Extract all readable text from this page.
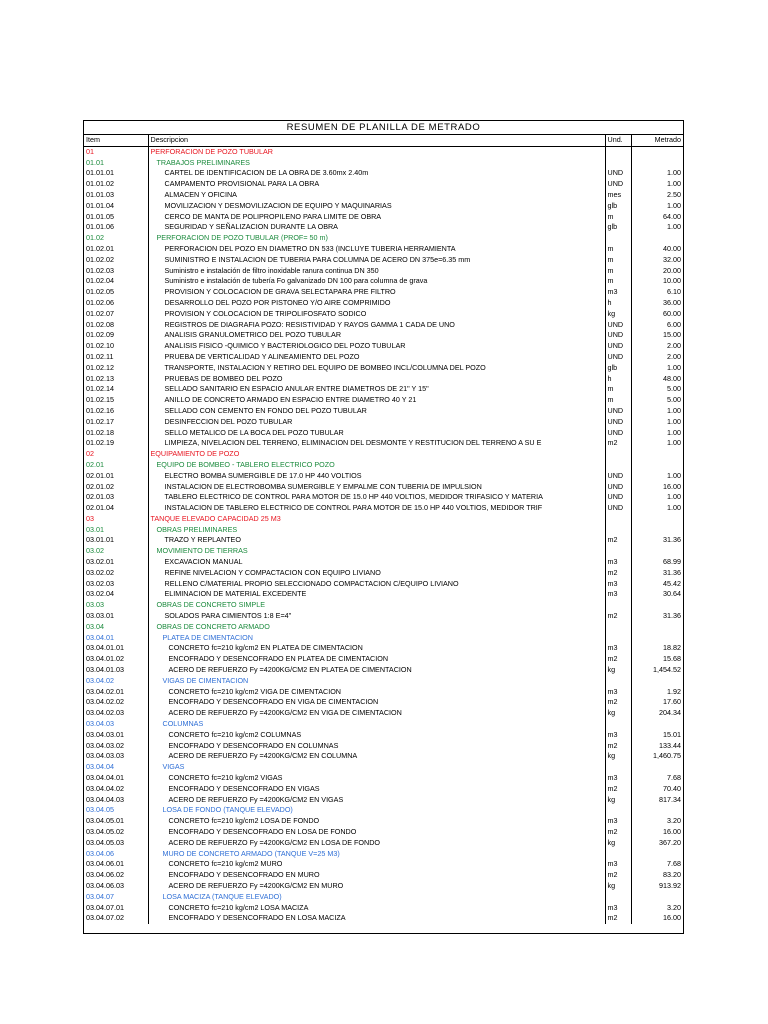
RESUMEN DE PLANILLA DE METRADO
Item	Descripcion	Und.	Metrado
01	PERFORACION DE POZO TUBULAR		
01.01	TRABAJOS PRELIMINARES		
01.01.01	CARTEL DE IDENTIFICACION DE LA OBRA DE 3.60mx 2.40m	UND	1.00
01.01.02	CAMPAMENTO PROVISIONAL PARA LA OBRA	UND	1.00
01.01.03	ALMACEN Y OFICINA	mes	2.50
01.01.04	MOVILIZACION Y DESMOVILIZACION DE EQUIPO Y MAQUINARIAS	glb	1.00
01.01.05	CERCO DE MANTA DE POLIPROPILENO PARA LIMITE DE OBRA	m	64.00
01.01.06	SEGURIDAD Y SEÑALIZACION DURANTE LA OBRA	glb	1.00
01.02	PERFORACION DE POZO TUBULAR (PROF= 50 m)		
01.02.01	PERFORACION DEL POZO EN DIAMETRO DN 533 (INCLUYE TUBERIA HERRAMIENTA	m	40.00
01.02.02	SUMINISTRO E INSTALACION DE TUBERIA PARA COLUMNA DE ACERO DN 375e=6.35 mm	m	32.00
01.02.03	Suministro e instalación de filtro inoxidable ranura continua DN 350	m	20.00
01.02.04	Suministro e instalación de tubería Fo galvanizado DN 100 para columna de grava	m	10.00
01.02.05	PROVISION Y COLOCACION DE GRAVA SELECTAPARA PRE FILTRO	m3	6.10
01.02.06	DESARROLLO DEL POZO POR PISTONEO Y/O AIRE COMPRIMIDO	h	36.00
01.02.07	PROVISION Y COLOCACION DE TRIPOLIFOSFATO SODICO	kg	60.00
01.02.08	REGISTROS DE DIAGRAFIA POZO: RESISTIVIDAD Y RAYOS GAMMA 1 CADA DE UNO	UND	6.00
01.02.09	ANALISIS GRANULOMETRICO DEL POZO TUBULAR	UND	15.00
01.02.10	ANALISIS FISICO -QUIMICO Y BACTERIOLOGICO DEL POZO TUBULAR	UND	2.00
01.02.11	PRUEBA DE VERTICALIDAD Y ALINEAMIENTO DEL POZO	UND	2.00
01.02.12	TRANSPORTE, INSTALACION Y RETIRO DEL EQUIPO DE BOMBEO INCL/COLUMNA DEL POZO	glb	1.00
01.02.13	PRUEBAS DE BOMBEO DEL POZO	h	48.00
01.02.14	SELLADO SANITARIO EN ESPACIO ANULAR ENTRE DIAMETROS DE 21" Y 15"	m	5.00
01.02.15	ANILLO DE CONCRETO ARMADO EN ESPACIO ENTRE DIAMETRO 40 Y 21	m	5.00
01.02.16	SELLADO CON CEMENTO EN FONDO DEL POZO TUBULAR	UND	1.00
01.02.17	DESINFECCION DEL POZO TUBULAR	UND	1.00
01.02.18	SELLO METALICO DE LA BOCA DEL POZO TUBULAR	UND	1.00
01.02.19	LIMPIEZA, NIVELACION DEL TERRENO, ELIMINACION DEL DESMONTE Y RESTITUCION DEL TERRENO A SU E	m2	1.00
02	EQUIPAMIENTO DE POZO		
02.01	EQUIPO DE BOMBEO - TABLERO ELECTRICO POZO		
02.01.01	ELECTRO BOMBA SUMERGIBLE DE 17.0 HP 440 VOLTIOS	UND	1.00
02.01.02	INSTALACION DE ELECTROBOMBA SUMERGIBLE Y EMPALME CON TUBERIA DE IMPULSION	UND	16.00
02.01.03	TABLERO ELECTRICO DE CONTROL PARA MOTOR DE 15.0 HP 440 VOLTIOS, MEDIDOR TRIFASICO Y MATERIA	UND	1.00
02.01.04	INSTALACION DE TABLERO ELECTRICO DE CONTROL PARA MOTOR DE 15.0 HP 440 VOLTIOS, MEDIDOR TRIF	UND	1.00
03	TANQUE ELEVADO CAPACIDAD 25 M3		
03.01	OBRAS PRELIMINARES		
03.01.01	TRAZO Y REPLANTEO	m2	31.36
03.02	MOVIMIENTO DE TIERRAS		
03.02.01	EXCAVACION MANUAL	m3	68.99
03.02.02	REFINE NIVELACION Y COMPACTACION CON EQUIPO LIVIANO	m2	31.36
03.02.03	RELLENO C/MATERIAL PROPIO SELECCIONADO COMPACTACION C/EQUIPO LIVIANO	m3	45.42
03.02.04	ELIMINACION DE MATERIAL EXCEDENTE	m3	30.64
03.03	OBRAS DE CONCRETO SIMPLE		
03.03.01	SOLADOS PARA CIMIENTOS 1:8 E=4"	m2	31.36
03.04	OBRAS DE CONCRETO ARMADO		
03.04.01	PLATEA DE CIMENTACION		
03.04.01.01	CONCRETO fc=210 kg/cm2 EN PLATEA DE CIMENTACION	m3	18.82
03.04.01.02	ENCOFRADO Y DESENCOFRADO EN PLATEA DE CIMENTACION	m2	15.68
03.04.01.03	ACERO DE REFUERZO Fy =4200KG/CM2 EN PLATEA DE CIMENTACION	kg	1,454.52
03.04.02	VIGAS DE CIMENTACION		
03.04.02.01	CONCRETO fc=210 kg/cm2 VIGA DE CIMENTACION	m3	1.92
03.04.02.02	ENCOFRADO Y DESENCOFRADO EN VIGA DE CIMENTACION	m2	17.60
03.04.02.03	ACERO DE REFUERZO Fy =4200KG/CM2 EN VIGA DE CIMENTACION	kg	204.34
03.04.03	COLUMNAS		
03.04.03.01	CONCRETO fc=210 kg/cm2 COLUMNAS	m3	15.01
03.04.03.02	ENCOFRADO Y DESENCOFRADO EN COLUMNAS	m2	133.44
03.04.03.03	ACERO DE REFUERZO Fy =4200KG/CM2 EN COLUMNA	kg	1,460.75
03.04.04	VIGAS		
03.04.04.01	CONCRETO fc=210 kg/cm2 VIGAS	m3	7.68
03.04.04.02	ENCOFRADO Y DESENCOFRADO EN VIGAS	m2	70.40
03.04.04.03	ACERO DE REFUERZO Fy =4200KG/CM2 EN VIGAS	kg	817.34
03.04.05	LOSA DE FONDO (TANQUE ELEVADO)		
03.04.05.01	CONCRETO fc=210 kg/cm2 LOSA DE FONDO	m3	3.20
03.04.05.02	ENCOFRADO Y DESENCOFRADO EN LOSA DE FONDO	m2	16.00
03.04.05.03	ACERO DE REFUERZO Fy =4200KG/CM2 EN LOSA DE FONDO	kg	367.20
03.04.06	MURO DE CONCRETO ARMADO (TANQUE V=25 M3)		
03.04.06.01	CONCRETO fc=210 kg/cm2 MURO	m3	7.68
03.04.06.02	ENCOFRADO Y DESENCOFRADO EN MURO	m2	83.20
03.04.06.03	ACERO DE REFUERZO Fy =4200KG/CM2 EN MURO	kg	913.92
03.04.07	LOSA MACIZA (TANQUE ELEVADO)		
03.04.07.01	CONCRETO fc=210 kg/cm2 LOSA MACIZA	m3	3.20
03.04.07.02	ENCOFRADO Y DESENCOFRADO EN LOSA MACIZA	m2	16.00
